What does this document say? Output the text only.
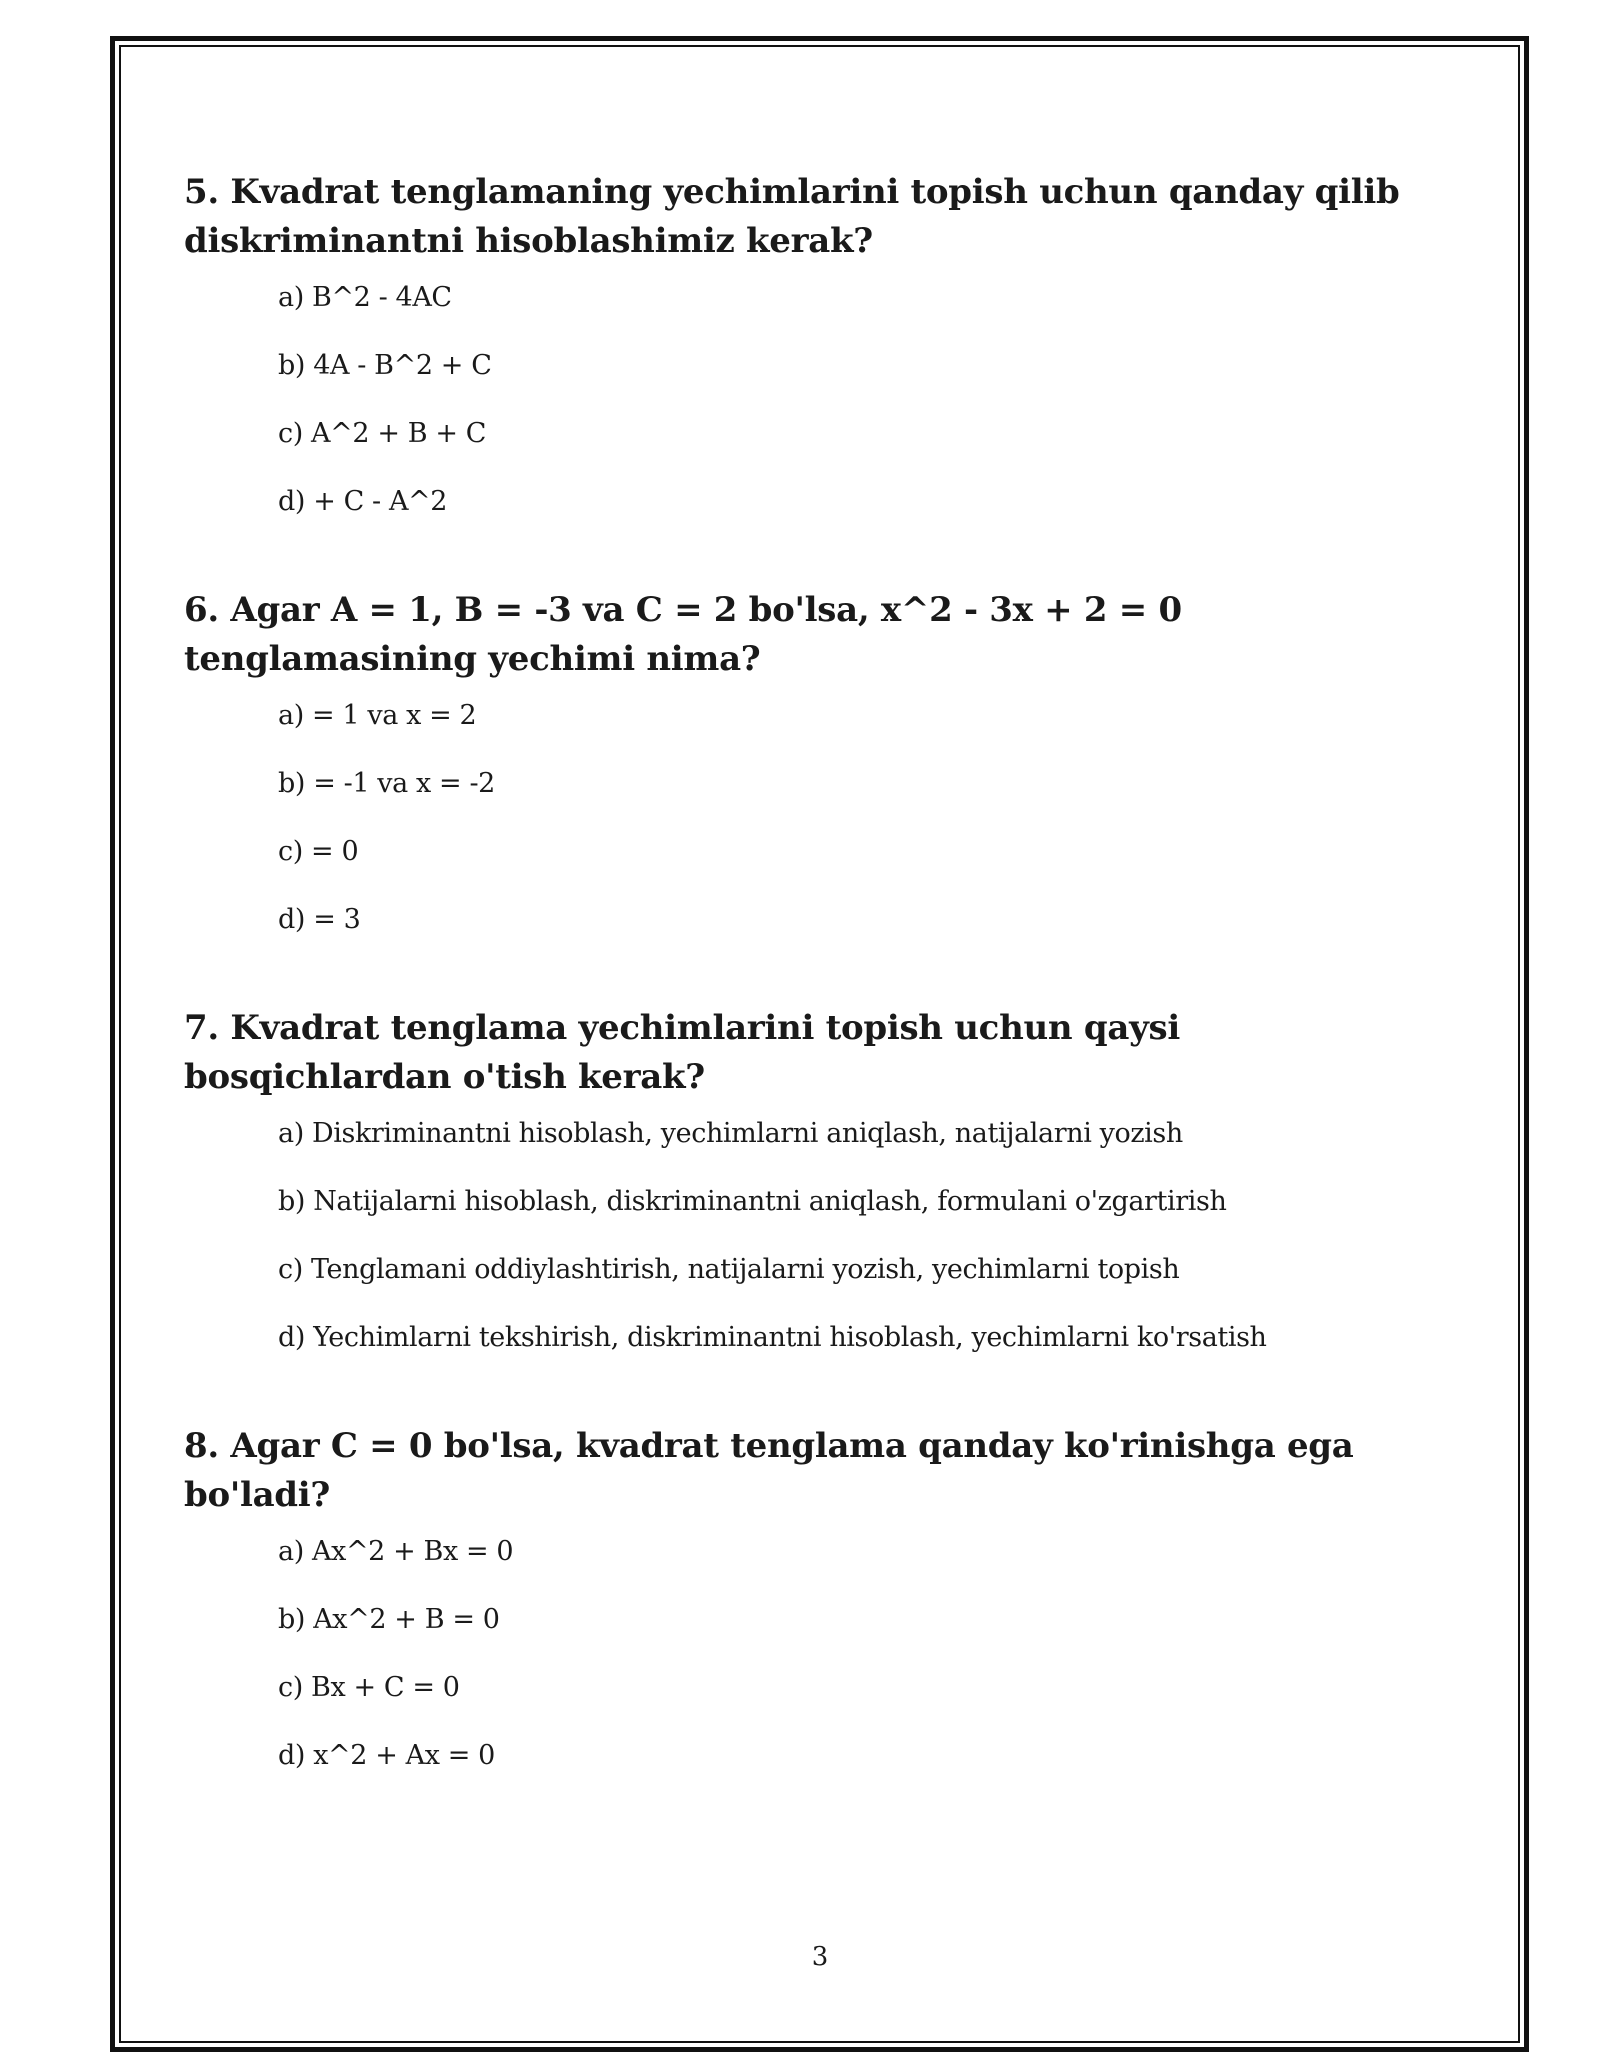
5. Kvadrat tenglamaning yechimlarini topish uchun qanday qilib diskriminantni hisoblashimiz kerak?

a) B^2 - 4AC
b) 4A - B^2 + C
c) A^2 + B + C
d) + C - A^2

6. Agar A = 1, B = -3 va C = 2 bo'lsa, x^2 - 3x + 2 = 0 tenglamasining yechimi nima?

a) = 1 va x = 2
b) = -1 va x = -2
c) = 0
d) = 3

7. Kvadrat tenglama yechimlarini topish uchun qaysi bosqichlardan o'tish kerak?

a) Diskriminantni hisoblash, yechimlarni aniqlash, natijalarni yozish
b) Natijalarni hisoblash, diskriminantni aniqlash, formulani o'zgartirish
c) Tenglamani oddiylashtirish, natijalarni yozish, yechimlarni topish
d) Yechimlarni tekshirish, diskriminantni hisoblash, yechimlarni ko'rsatish

8. Agar C = 0 bo'lsa, kvadrat tenglama qanday ko'rinishga ega bo'ladi?

a) Ax^2 + Bx = 0
b) Ax^2 + B = 0
c) Bx + C = 0
d) x^2 + Ax = 0
3
